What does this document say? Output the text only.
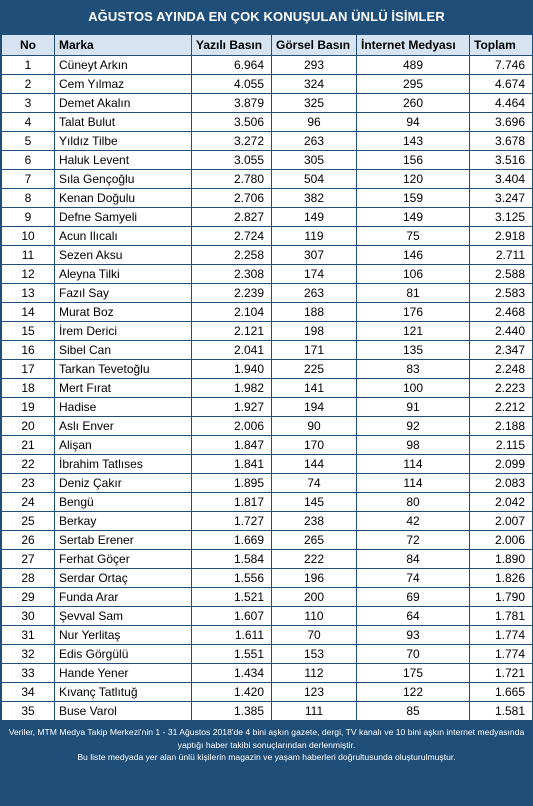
AĞUSTOS AYINDA EN ÇOK KONUŞULAN ÜNLÜ İSİMLER
No	Marka	Yazılı Basın	Görsel Basın	İnternet Medyası	Toplam
1	Cüneyt Arkın	6.964	293	489	7.746
2	Cem Yılmaz	4.055	324	295	4.674
3	Demet Akalın	3.879	325	260	4.464
4	Talat Bulut	3.506	96	94	3.696
5	Yıldız Tilbe	3.272	263	143	3.678
6	Haluk Levent	3.055	305	156	3.516
7	Sıla Gençoğlu	2.780	504	120	3.404
8	Kenan Doğulu	2.706	382	159	3.247
9	Defne Samyeli	2.827	149	149	3.125
10	Acun Ilıcalı	2.724	119	75	2.918
11	Sezen Aksu	2.258	307	146	2.711
12	Aleyna Tilki	2.308	174	106	2.588
13	Fazıl Say	2.239	263	81	2.583
14	Murat Boz	2.104	188	176	2.468
15	İrem Derici	2.121	198	121	2.440
16	Sibel Can	2.041	171	135	2.347
17	Tarkan Tevetoğlu	1.940	225	83	2.248
18	Mert Fırat	1.982	141	100	2.223
19	Hadise	1.927	194	91	2.212
20	Aslı Enver	2.006	90	92	2.188
21	Alişan	1.847	170	98	2.115
22	İbrahim Tatlıses	1.841	144	114	2.099
23	Deniz Çakır	1.895	74	114	2.083
24	Bengü	1.817	145	80	2.042
25	Berkay	1.727	238	42	2.007
26	Sertab Erener	1.669	265	72	2.006
27	Ferhat Göçer	1.584	222	84	1.890
28	Serdar Ortaç	1.556	196	74	1.826
29	Funda Arar	1.521	200	69	1.790
30	Şevval Sam	1.607	110	64	1.781
31	Nur Yerlitaş	1.611	70	93	1.774
32	Edis Görgülü	1.551	153	70	1.774
33	Hande Yener	1.434	112	175	1.721
34	Kıvanç Tatlıtuğ	1.420	123	122	1.665
35	Buse Varol	1.385	111	85	1.581
Veriler, MTM Medya Takip Merkezi'nin 1 - 31 Ağustos 2018'de 4 bini aşkın gazete, dergi, TV kanalı ve 10 bini aşkın internet medyasında yaptığı haber takibi sonuçlarından derlenmiştir.
Bu liste medyada yer alan ünlü kişilerin magazin ve yaşam haberleri doğrultusunda oluşturulmuştur.
